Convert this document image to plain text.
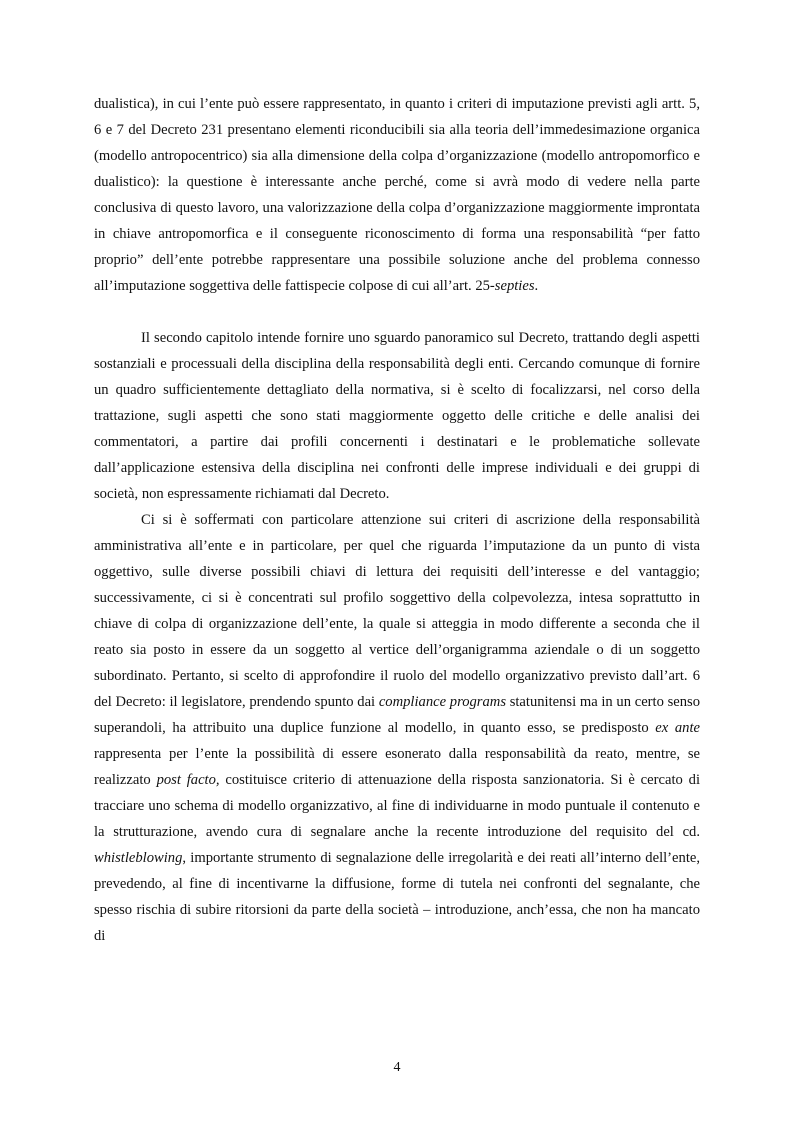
dualistica), in cui l’ente può essere rappresentato, in quanto i criteri di imputazione previsti agli artt. 5, 6 e 7 del Decreto 231 presentano elementi riconducibili sia alla teoria dell’immedesimazione organica (modello antropocentrico) sia alla dimensione della colpa d’organizzazione (modello antropomorfico e dualistico): la questione è interessante anche perché, come si avrà modo di vedere nella parte conclusiva di questo lavoro, una valorizzazione della colpa d’organizzazione maggiormente improntata in chiave antropomorfica e il conseguente riconoscimento di forma una responsabilità “per fatto proprio” dell’ente potrebbe rappresentare una possibile soluzione anche del problema connesso all’imputazione soggettiva delle fattispecie colpose di cui all’art. 25-septies.

Il secondo capitolo intende fornire uno sguardo panoramico sul Decreto, trattando degli aspetti sostanziali e processuali della disciplina della responsabilità degli enti. Cercando comunque di fornire un quadro sufficientemente dettagliato della normativa, si è scelto di focalizzarsi, nel corso della trattazione, sugli aspetti che sono stati maggiormente oggetto delle critiche e delle analisi dei commentatori, a partire dai profili concernenti i destinatari e le problematiche sollevate dall’applicazione estensiva della disciplina nei confronti delle imprese individuali e dei gruppi di società, non espressamente richiamati dal Decreto.

Ci si è soffermati con particolare attenzione sui criteri di ascrizione della responsabilità amministrativa all’ente e in particolare, per quel che riguarda l’imputazione da un punto di vista oggettivo, sulle diverse possibili chiavi di lettura dei requisiti dell’interesse e del vantaggio; successivamente, ci si è concentrati sul profilo soggettivo della colpevolezza, intesa soprattutto in chiave di colpa di organizzazione dell’ente, la quale si atteggia in modo differente a seconda che il reato sia posto in essere da un soggetto al vertice dell’organigramma aziendale o di un soggetto subordinato. Pertanto, si scelto di approfondire il ruolo del modello organizzativo previsto dall’art. 6 del Decreto: il legislatore, prendendo spunto dai compliance programs statunitensi ma in un certo senso superandoli, ha attribuito una duplice funzione al modello, in quanto esso, se predisposto ex ante rappresenta per l’ente la possibilità di essere esonerato dalla responsabilità da reato, mentre, se realizzato post facto, costituisce criterio di attenuazione della risposta sanzionatoria. Si è cercato di tracciare uno schema di modello organizzativo, al fine di individuarne in modo puntuale il contenuto e la strutturazione, avendo cura di segnalare anche la recente introduzione del requisito del cd. whistleblowing, importante strumento di segnalazione delle irregolarità e dei reati all’interno dell’ente, prevedendo, al fine di incentivarne la diffusione, forme di tutela nei confronti del segnalante, che spesso rischia di subire ritorsioni da parte della società – introduzione, anch’essa, che non ha mancato di

4
